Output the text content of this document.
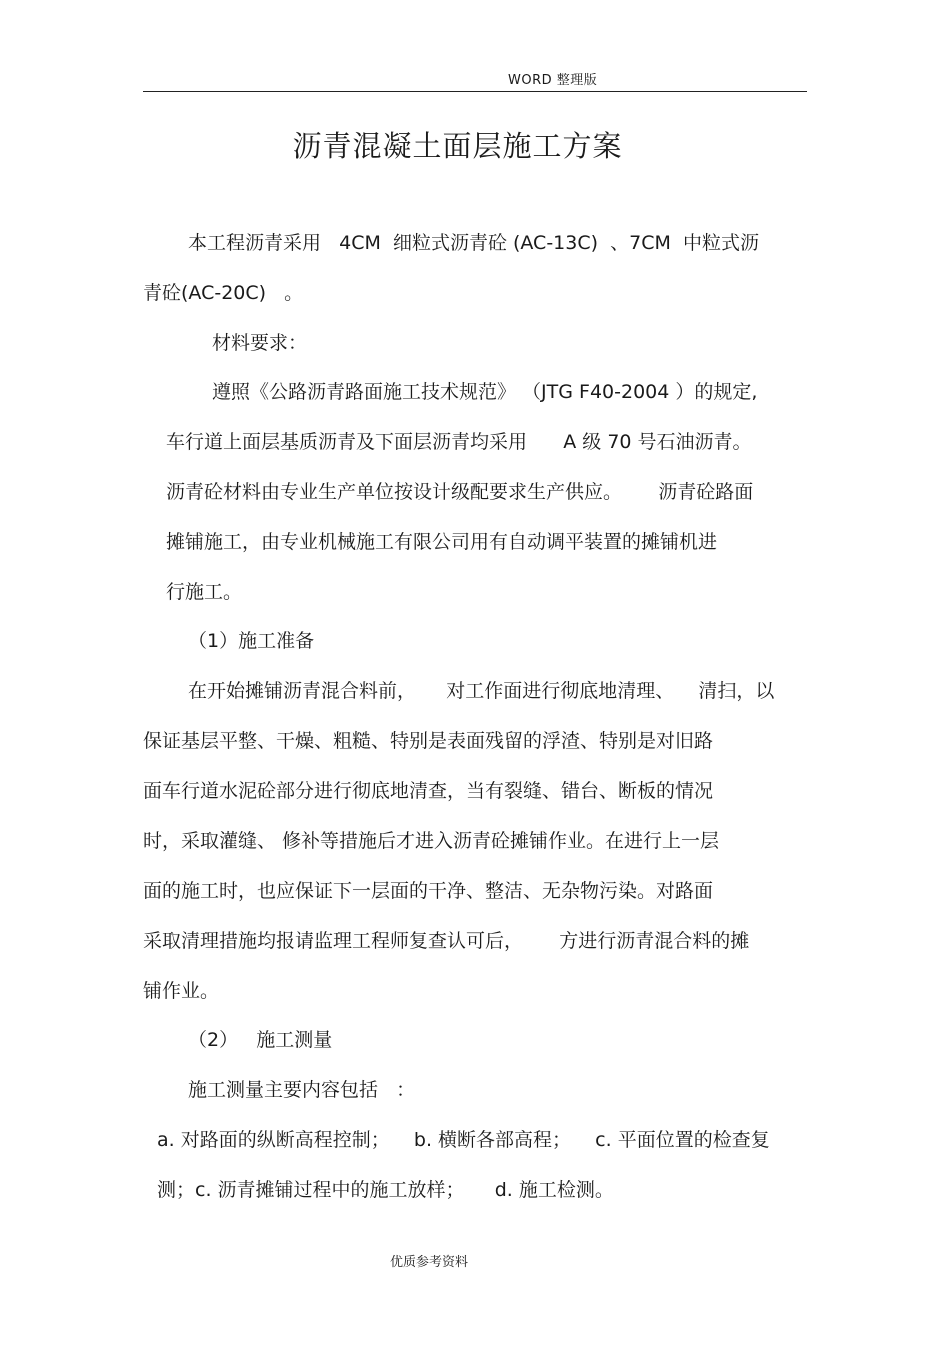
WORD 整理版
沥青混凝土面层施工方案
本工程沥青采用   4CM  细粒式沥青砼 (AC-13C)  、7CM  中粒式沥
青砼(AC-20C)   。
材料要求：
遵照《公路沥青路面施工技术规范》 （JTG F40-2004 ）的规定,
车行道上面层基质沥青及下面层沥青均采用      A 级 70 号石油沥青。
沥青砼材料由专业生产单位按设计级配要求生产供应。      沥青砼路面
摊铺施工，由专业机械施工有限公司用有自动调平装置的摊铺机进
行施工。
（1）施工准备
在开始摊铺沥青混合料前，     对工作面进行彻底地清理、    清扫，以
保证基层平整、干燥、粗糙、特别是表面残留的浮渣、特别是对旧路
面车行道水泥砼部分进行彻底地清查，当有裂缝、错台、断板的情况
时，采取灌缝、 修补等措施后才进入沥青砼摊铺作业。在进行上一层
面的施工时，也应保证下一层面的干净、整洁、无杂物污染。对路面
采取清理措施均报请监理工程师复查认可后，      方进行沥青混合料的摊
铺作业。
（2）   施工测量
施工测量主要内容包括   ：
a. 对路面的纵断高程控制；    b. 横断各部高程；    c. 平面位置的检查复
测；c. 沥青摊铺过程中的施工放样；     d. 施工检测。
优质参考资料
